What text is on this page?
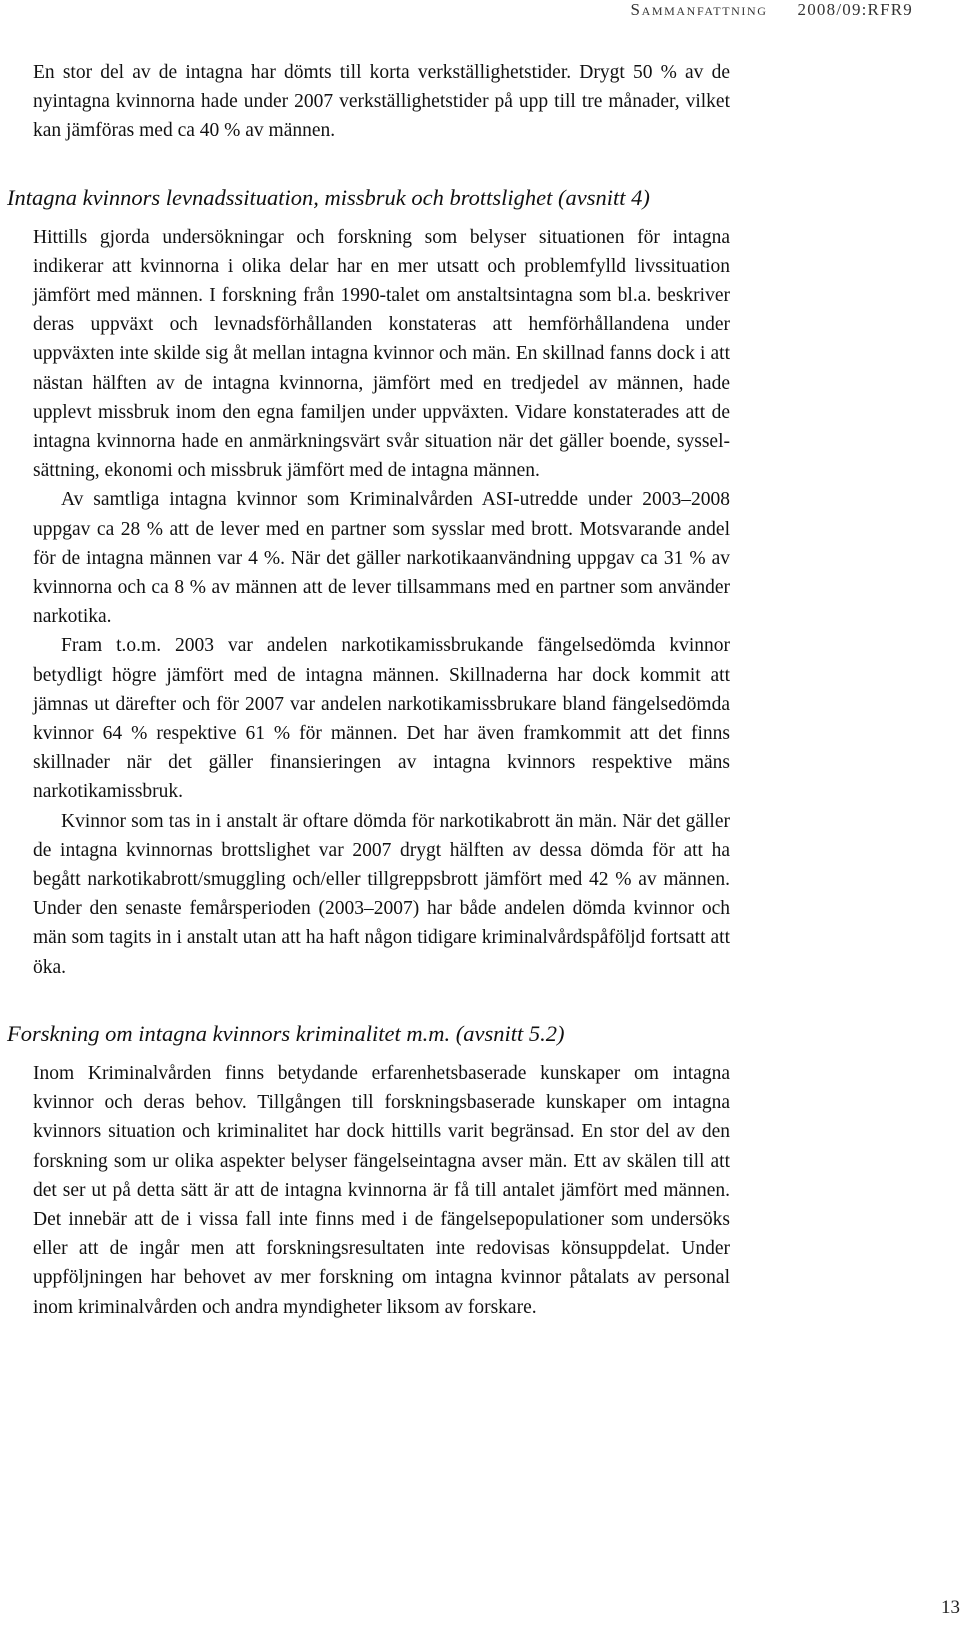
Sammanfattning 2008/09:RFR9

En stor del av de intagna har dömts till korta verkställighetstider. Drygt 50 % av de nyintagna kvinnorna hade under 2007 verkställighetstider på upp till tre månader, vilket kan jämföras med ca 40 % av männen.

Intagna kvinnors levnadssituation, missbruk och brottslighet (avsnitt 4)

Hittills gjorda undersökningar och forskning som belyser situationen för intagna indikerar att kvinnorna i olika delar har en mer utsatt och problemfylld livssituation jämfört med männen. I forskning från 1990-talet om anstaltsintagna som bl.a. beskriver deras uppväxt och levnadsförhållanden konstateras att hemförhållandena under uppväxten inte skilde sig åt mellan intagna kvinnor och män. En skillnad fanns dock i att nästan hälften av de intagna kvinnorna, jämfört med en tredjedel av männen, hade upplevt missbruk inom den egna familjen under uppväxten. Vidare konstaterades att de intagna kvinnorna hade en anmärkningsvärt svår situation när det gäller boende, sysselsättning, ekonomi och missbruk jämfört med de intagna männen.

Av samtliga intagna kvinnor som Kriminalvården ASI-utredde under 2003–2008 uppgav ca 28 % att de lever med en partner som sysslar med brott. Motsvarande andel för de intagna männen var 4 %. När det gäller narkotikaanvändning uppgav ca 31 % av kvinnorna och ca 8 % av männen att de lever tillsammans med en partner som använder narkotika.

Fram t.o.m. 2003 var andelen narkotikamissbrukande fängelsedömda kvinnor betydligt högre jämfört med de intagna männen. Skillnaderna har dock kommit att jämnas ut därefter och för 2007 var andelen narkotikamissbrukare bland fängelsedömda kvinnor 64 % respektive 61 % för männen. Det har även framkommit att det finns skillnader när det gäller finansieringen av intagna kvinnors respektive mäns narkotikamissbruk.

Kvinnor som tas in i anstalt är oftare dömda för narkotikabrott än män. När det gäller de intagna kvinnornas brottslighet var 2007 drygt hälften av dessa dömda för att ha begått narkotikabrott/smuggling och/eller tillgreppsbrott jämfört med 42 % av männen. Under den senaste femårsperioden (2003–2007) har både andelen dömda kvinnor och män som tagits in i anstalt utan att ha haft någon tidigare kriminalvårdspåföljd fortsatt att öka.

Forskning om intagna kvinnors kriminalitet m.m. (avsnitt 5.2)

Inom Kriminalvården finns betydande erfarenhetsbaserade kunskaper om intagna kvinnor och deras behov. Tillgången till forskningsbaserade kunskaper om intagna kvinnors situation och kriminalitet har dock hittills varit begränsad. En stor del av den forskning som ur olika aspekter belyser fängelseintagna avser män. Ett av skälen till att det ser ut på detta sätt är att de intagna kvinnorna är få till antalet jämfört med männen. Det innebär att de i vissa fall inte finns med i de fängelsepopulationer som undersöks eller att de ingår men att forskningsresultaten inte redovisas könsuppdelat. Under uppföljningen har behovet av mer forskning om intagna kvinnor påtalats av personal inom kriminalvården och andra myndigheter liksom av forskare.

13
